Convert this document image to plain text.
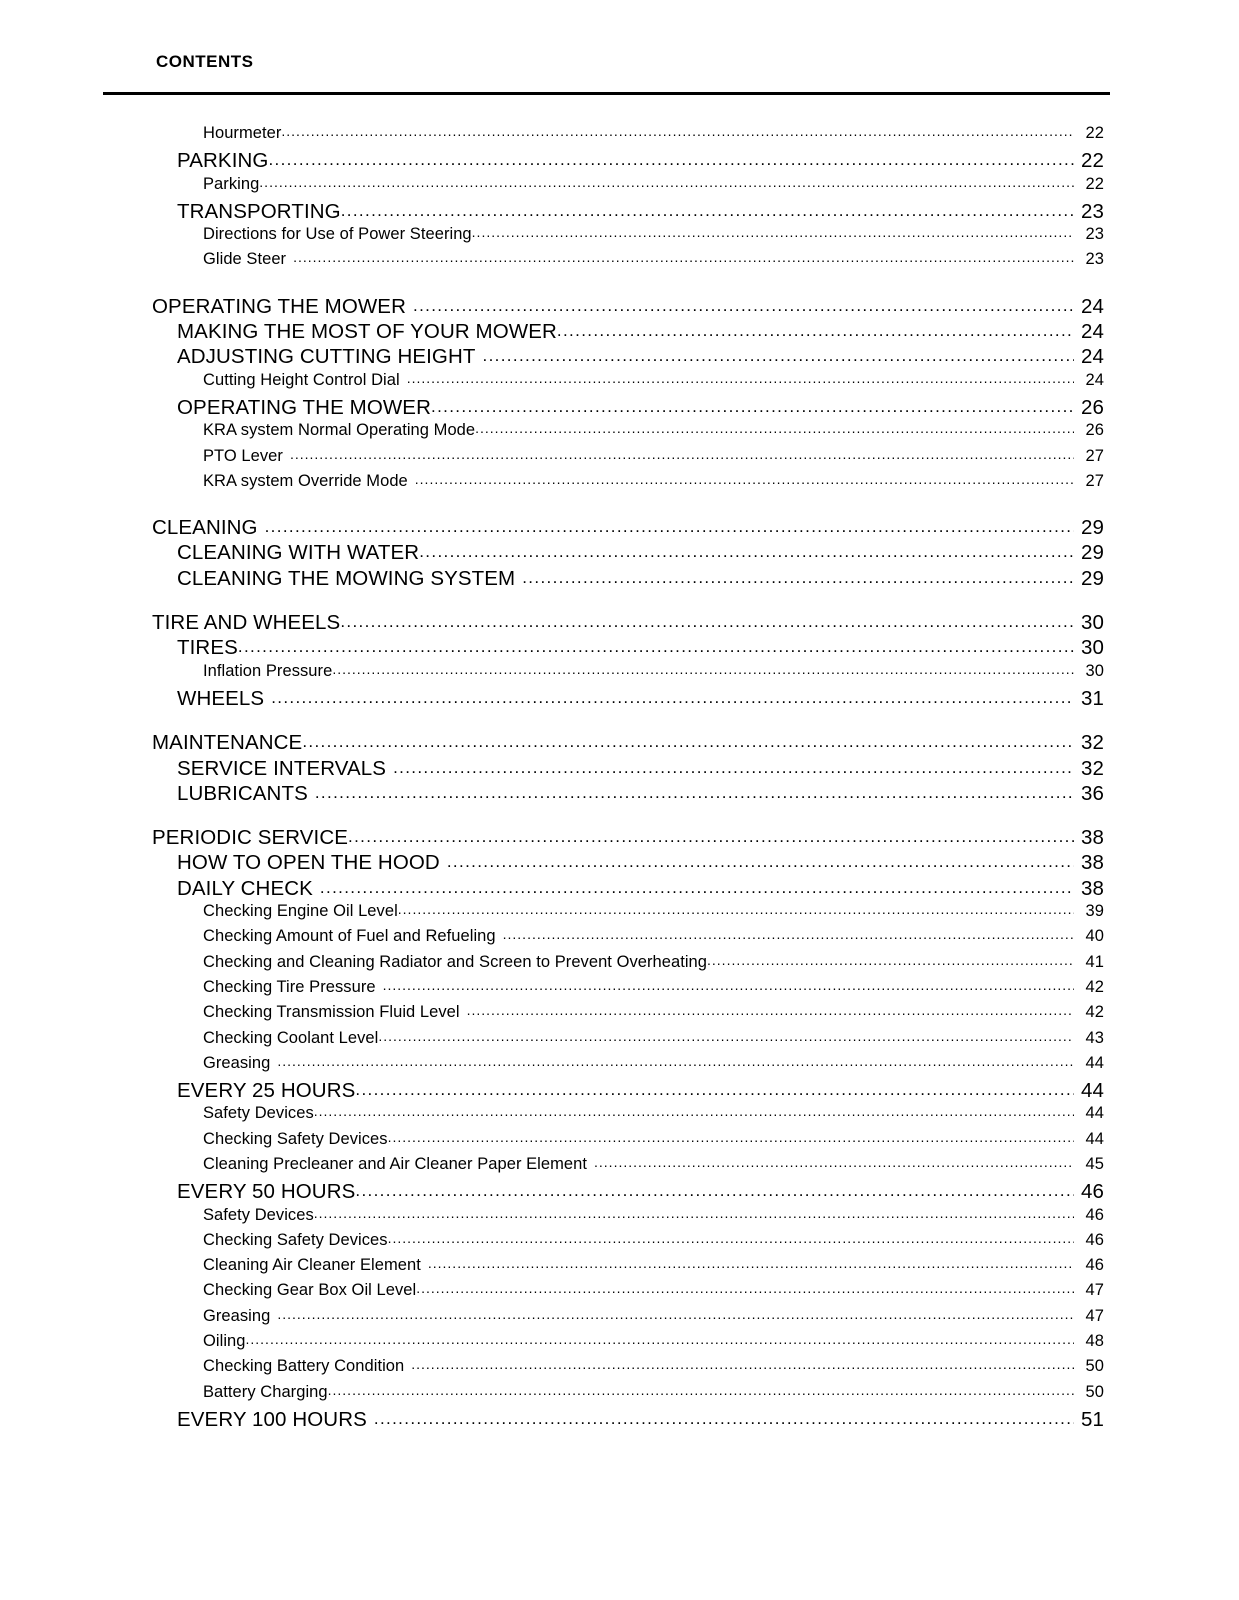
CONTENTS
Hourmeter .....	22
PARKING .....	22
Parking .....	22
TRANSPORTING .....	23
Directions for Use of Power Steering .....	23
Glide Steer .....	23
OPERATING THE MOWER .....	24
MAKING THE MOST OF YOUR MOWER .....	24
ADJUSTING CUTTING HEIGHT .....	24
Cutting Height Control Dial .....	24
OPERATING THE MOWER .....	26
KRA system Normal Operating Mode .....	26
PTO Lever .....	27
KRA system Override Mode .....	27
CLEANING .....	29
CLEANING WITH WATER .....	29
CLEANING THE MOWING SYSTEM .....	29
TIRE AND WHEELS .....	30
TIRES .....	30
Inflation Pressure .....	30
WHEELS .....	31
MAINTENANCE .....	32
SERVICE INTERVALS .....	32
LUBRICANTS .....	36
PERIODIC SERVICE .....	38
HOW TO OPEN THE HOOD .....	38
DAILY CHECK .....	38
Checking Engine Oil Level .....	39
Checking Amount of Fuel and Refueling .....	40
Checking and Cleaning Radiator and Screen to Prevent Overheating .....	41
Checking Tire Pressure .....	42
Checking Transmission Fluid Level .....	42
Checking Coolant Level .....	43
Greasing .....	44
EVERY 25 HOURS .....	44
Safety Devices .....	44
Checking Safety Devices .....	44
Cleaning Precleaner and Air Cleaner Paper Element .....	45
EVERY 50 HOURS .....	46
Safety Devices .....	46
Checking Safety Devices .....	46
Cleaning Air Cleaner Element .....	46
Checking Gear Box Oil Level .....	47
Greasing .....	47
Oiling .....	48
Checking Battery Condition .....	50
Battery Charging .....	50
EVERY 100 HOURS .....	51
